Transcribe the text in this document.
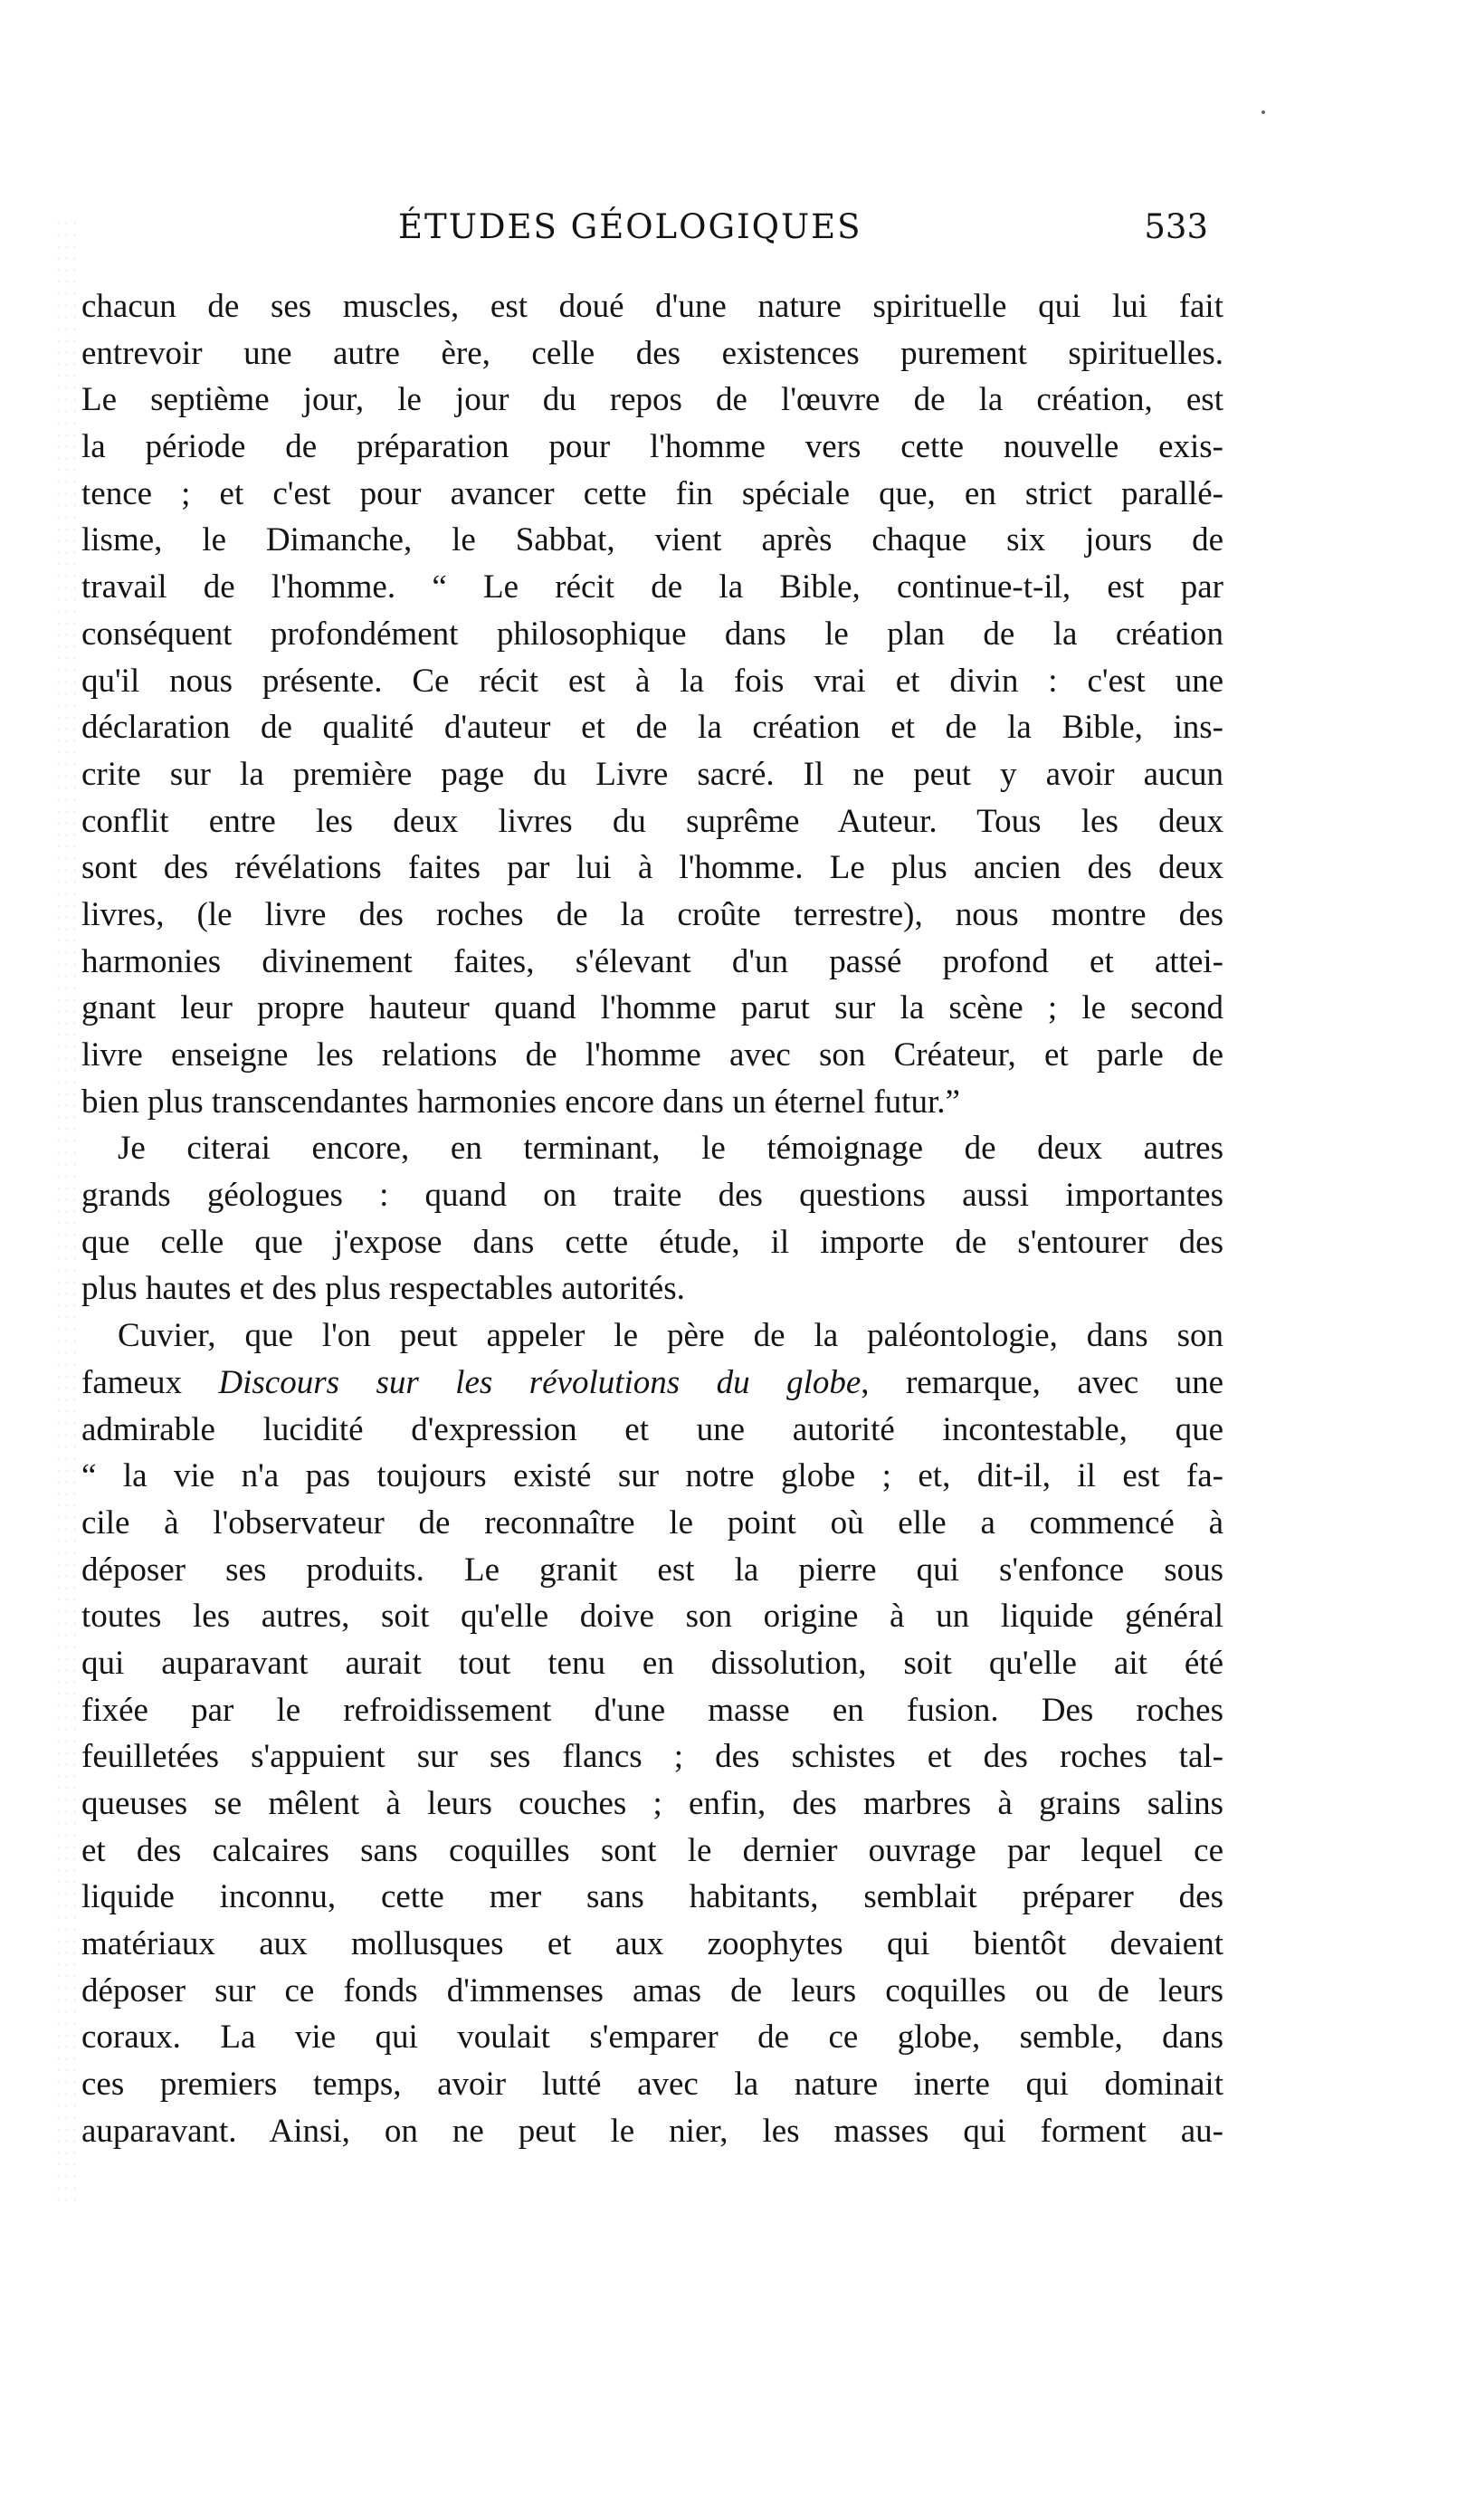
ÉTUDES GÉOLOGIQUES	533
chacun de ses muscles, est doué d'une nature spirituelle qui lui fait
entrevoir une autre ère, celle des existences purement spirituelles.
Le septième jour, le jour du repos de l'œuvre de la création, est
la période de préparation pour l'homme vers cette nouvelle exis-
tence ; et c'est pour avancer cette fin spéciale que, en strict parallé-
lisme, le Dimanche, le Sabbat, vient après chaque six jours de
travail de l'homme. “ Le récit de la Bible, continue-t-il, est par
conséquent profondément philosophique dans le plan de la création
qu'il nous présente. Ce récit est à la fois vrai et divin : c'est une
déclaration de qualité d'auteur et de la création et de la Bible, ins-
crite sur la première page du Livre sacré. Il ne peut y avoir aucun
conflit entre les deux livres du suprême Auteur. Tous les deux
sont des révélations faites par lui à l'homme. Le plus ancien des deux
livres, (le livre des roches de la croûte terrestre), nous montre des
harmonies divinement faites, s'élevant d'un passé profond et attei-
gnant leur propre hauteur quand l'homme parut sur la scène ; le second
livre enseigne les relations de l'homme avec son Créateur, et parle de
bien plus transcendantes harmonies encore dans un éternel futur.”
Je citerai encore, en terminant, le témoignage de deux autres
grands géologues : quand on traite des questions aussi importantes
que celle que j'expose dans cette étude, il importe de s'entourer des
plus hautes et des plus respectables autorités.
Cuvier, que l'on peut appeler le père de la paléontologie, dans son
fameux Discours sur les révolutions du globe, remarque, avec une
admirable lucidité d'expression et une autorité incontestable, que
“ la vie n'a pas toujours existé sur notre globe ; et, dit-il, il est fa-
cile à l'observateur de reconnaître le point où elle a commencé à
déposer ses produits. Le granit est la pierre qui s'enfonce sous
toutes les autres, soit qu'elle doive son origine à un liquide général
qui auparavant aurait tout tenu en dissolution, soit qu'elle ait été
fixée par le refroidissement d'une masse en fusion. Des roches
feuilletées s'appuient sur ses flancs ; des schistes et des roches tal-
queuses se mêlent à leurs couches ; enfin, des marbres à grains salins
et des calcaires sans coquilles sont le dernier ouvrage par lequel ce
liquide inconnu, cette mer sans habitants, semblait préparer des
matériaux aux mollusques et aux zoophytes qui bientôt devaient
déposer sur ce fonds d'immenses amas de leurs coquilles ou de leurs
coraux. La vie qui voulait s'emparer de ce globe, semble, dans
ces premiers temps, avoir lutté avec la nature inerte qui dominait
auparavant. Ainsi, on ne peut le nier, les masses qui forment au-
